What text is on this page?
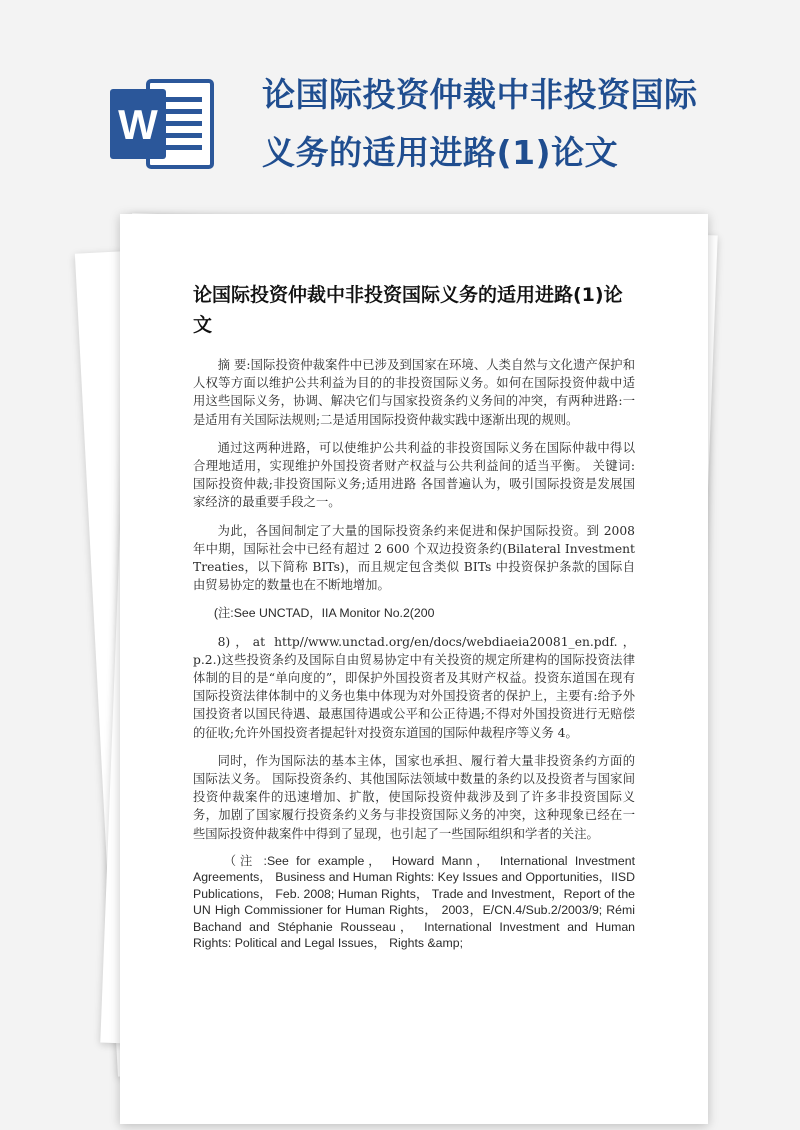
W
论国际投资仲裁中非投资国际
义务的适用进路(1)论文
论国际投资仲裁中非投资国际义务的适用进路(1)论文

摘 要:国际投资仲裁案件中已涉及到国家在环境、人类自然与文化遗产保护和人权等方面以维护公共利益为目的的非投资国际义务。如何在国际投资仲裁中适用这些国际义务，协调、解决它们与国家投资条约义务间的冲突，有两种进路:一是适用有关国际法规则;二是适用国际投资仲裁实践中逐渐出现的规则。

通过这两种进路，可以使维护公共利益的非投资国际义务在国际仲裁中得以合理地适用，实现维护外国投资者财产权益与公共利益间的适当平衡。 关键词: 国际投资仲裁;非投资国际义务;适用进路 各国普遍认为，吸引国际投资是发展国家经济的最重要手段之一。

为此，各国间制定了大量的国际投资条约来促进和保护国际投资。到 2008 年中期，国际社会中已经有超过 2 600 个双边投资条约(Bilateral Investment Treaties，以下简称 BITs)，而且规定包含类似 BITs 中投资保护条款的国际自由贸易协定的数量也在不断地增加。

(注:See UNCTAD，IIA Monitor No.2(200

8)，at http//www.unctad.org/en/docs/webdiaeia20081_en.pdf.，p.2.)这些投资条约及国际自由贸易协定中有关投资的规定所建构的国际投资法律体制的目的是“单向度的”，即保护外国投资者及其财产权益。投资东道国在现有国际投资法律体制中的义务也集中体现为对外国投资者的保护上，主要有:给予外国投资者以国民待遇、最惠国待遇或公平和公正待遇;不得对外国投资进行无赔偿的征收;允许外国投资者提起针对投资东道国的国际仲裁程序等义务 4。

同时，作为国际法的基本主体，国家也承担、履行着大量非投资条约方面的国际法义务。 国际投资条约、其他国际法领域中数量的条约以及投资者与国家间投资仲裁案件的迅速增加、扩散，使国际投资仲裁涉及到了许多非投资国际义务，加剧了国家履行投资条约义务与非投资国际义务的冲突，这种现象已经在一些国际投资仲裁案件中得到了显现，也引起了一些国际组织和学者的关注。

（注 :See for example， Howard Mann， International Investment Agreements， Business and Human Rights: Key Issues and Opportunities，IISD Publications， Feb. 2008; Human Rights， Trade and Investment，Report of the UN High Commissioner for Human Rights， 2003，E/CN.4/Sub.2/2003/9; Rémi Bachand and Stéphanie Rousseau， International Investment and Human Rights: Political and Legal Issues， Rights &amp;
